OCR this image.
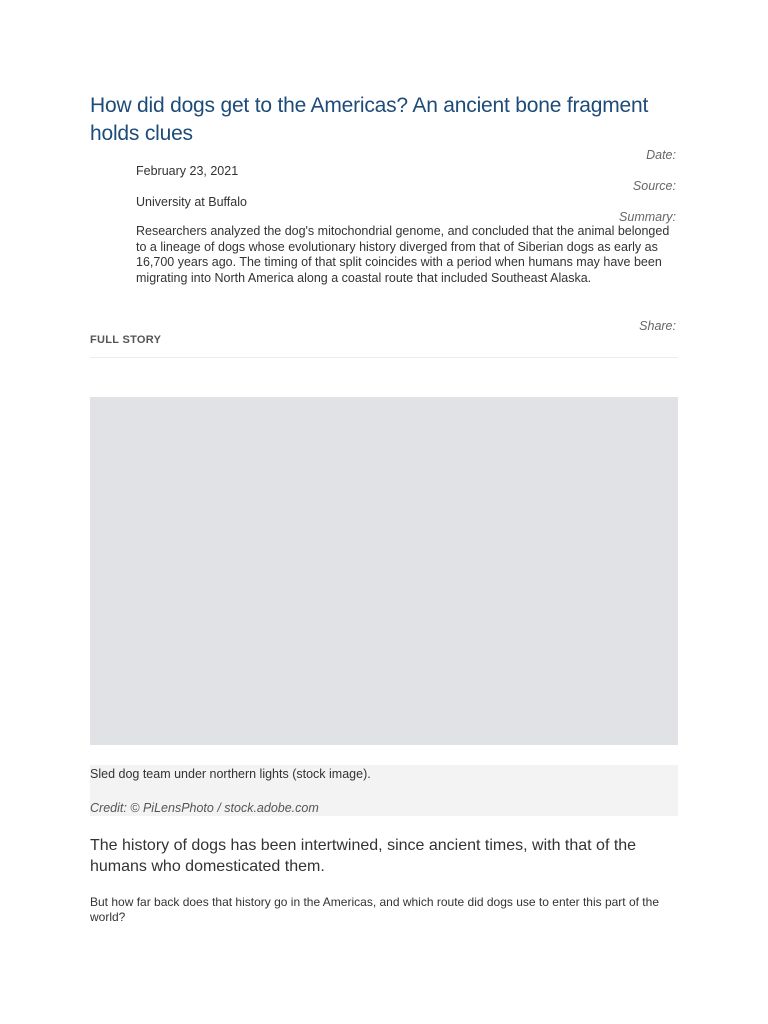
How did dogs get to the Americas? An ancient bone fragment holds clues
Date:
February 23, 2021
Source:
University at Buffalo
Summary:

Researchers analyzed the dog's mitochondrial genome, and concluded that the animal belonged to a lineage of dogs whose evolutionary history diverged from that of Siberian dogs as early as 16,700 years ago. The timing of that split coincides with a period when humans may have been migrating into North America along a coastal route that included Southeast Alaska.

Share:
FULL STORY
Sled dog team under northern lights (stock image).
Credit: © PiLensPhoto / stock.adobe.com

The history of dogs has been intertwined, since ancient times, with that of the humans who domesticated them.

But how far back does that history go in the Americas, and which route did dogs use to enter this part of the world?
